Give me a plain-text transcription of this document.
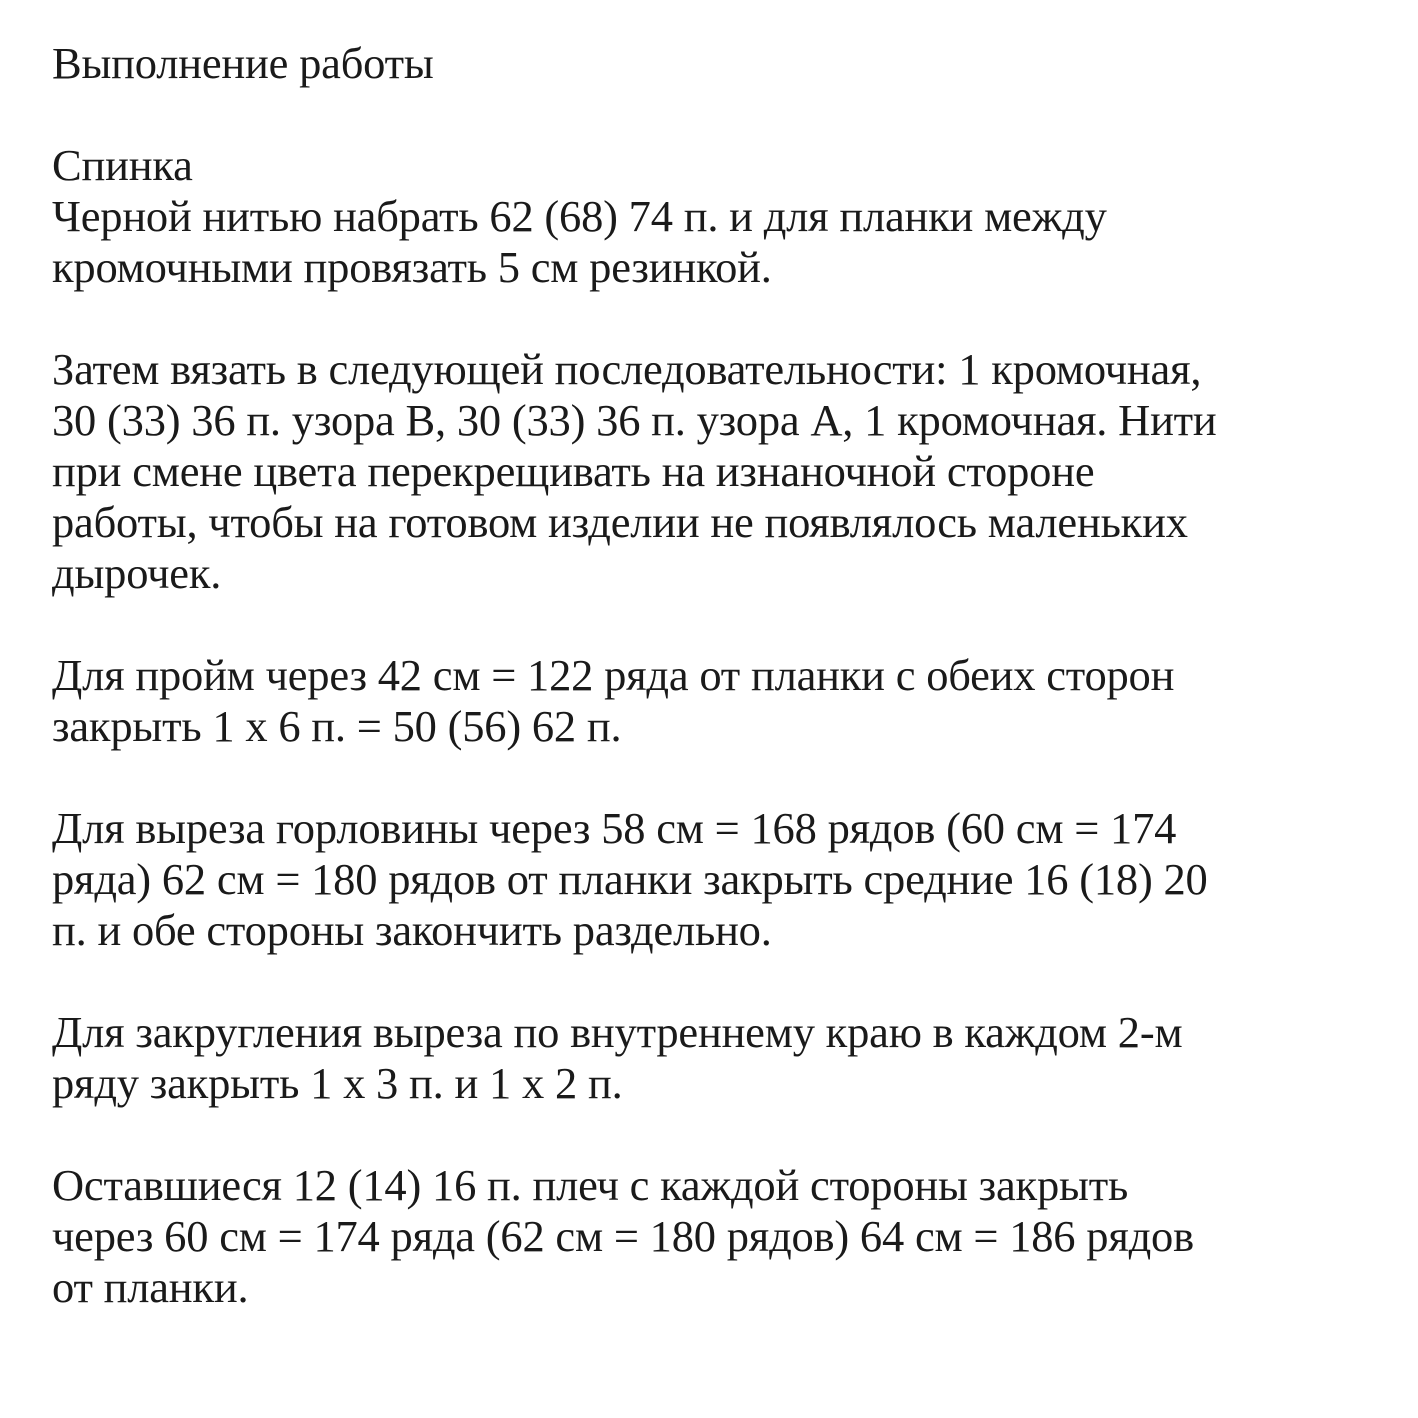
Выполнение работы
Спинка
Черной нитью набрать 62 (68) 74 п. и для планки между
кромочными провязать 5 см резинкой.
Затем вязать в следующей последовательности: 1 кромочная,
30 (33) 36 п. узора B, 30 (33) 36 п. узора А, 1 кромочная. Нити
при смене цвета перекрещивать на изнаночной стороне
работы, чтобы на готовом изделии не появлялось маленьких
дырочек.
Для пройм через 42 см = 122 ряда от планки с обеих сторон
закрыть 1 x 6 п. = 50 (56) 62 п.
Для выреза горловины через 58 см = 168 рядов (60 см = 174
ряда) 62 см = 180 рядов от планки закрыть средние 16 (18) 20
п. и обе стороны закончить раздельно.
Для закругления выреза по внутреннему краю в каждом 2-м
ряду закрыть 1 x 3 п. и 1 x 2 п.
Оставшиеся 12 (14) 16 п. плеч с каждой стороны закрыть
через 60 см = 174 ряда (62 см = 180 рядов) 64 см = 186 рядов
от планки.
